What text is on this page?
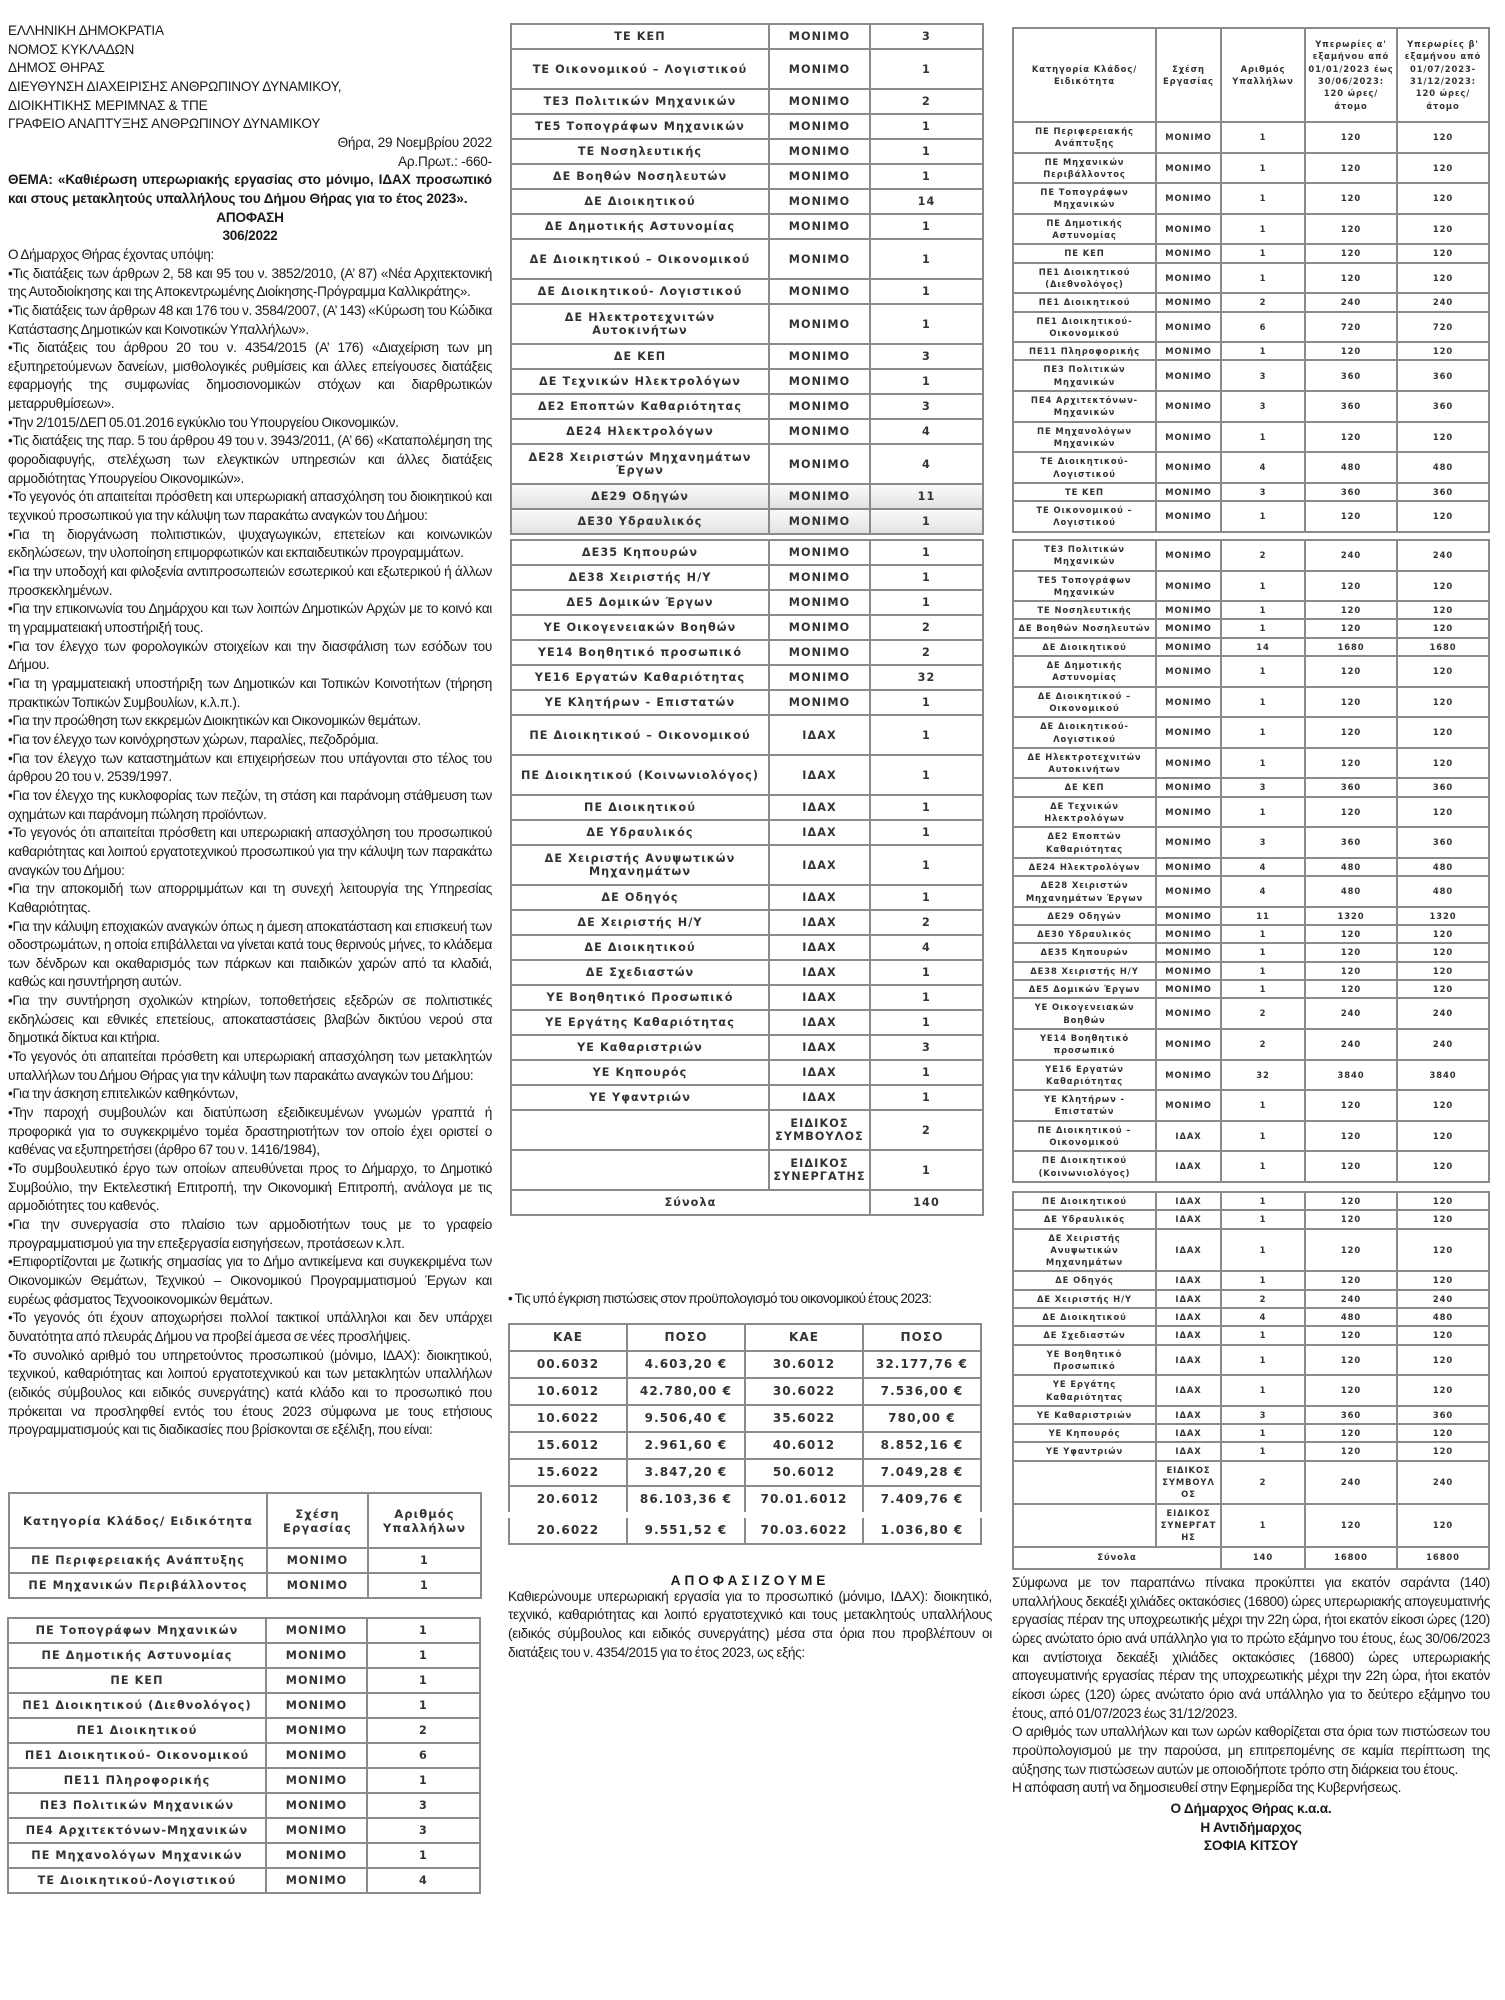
ΕΛΛΗΝΙΚΗ ΔΗΜΟΚΡΑΤΙΑ
ΝΟΜΟΣ ΚΥΚΛΑΔΩΝ
ΔΗΜΟΣ ΘΗΡΑΣ
ΔΙΕΥΘΥΝΣΗ ΔΙΑΧΕΙΡΙΣΗΣ ΑΝΘΡΩΠΙΝΟΥ ΔΥΝΑΜΙΚΟΥ,
ΔΙΟΙΚΗΤΙΚΗΣ ΜΕΡΙΜΝΑΣ & ΤΠΕ
ΓΡΑΦΕΙΟ ΑΝΑΠΤΥΞΗΣ ΑΝΘΡΩΠΙΝΟΥ ΔΥΝΑΜΙΚΟΥ
Θήρα, 29 Νοεμβρίου 2022
Αρ.Πρωτ.: -660-
ΘΕΜΑ: «Καθιέρωση υπερωριακής εργασίας στο μόνιμο, ΙΔΑΧ προσωπικό και στους μετακλητούς υπαλλήλους του Δήμου Θήρας για το έτος 2023».
ΑΠΟΦΑΣΗ
306/2022

Ο Δήμαρχος Θήρας έχοντας υπόψη:

•Τις διατάξεις των άρθρων 2, 58 και 95 του ν. 3852/2010, (Α’ 87) «Νέα Αρχιτεκτονική της Αυτοδιοίκησης και της Αποκεντρωμένης Διοίκησης-Πρόγραμμα Καλλικράτης».

•Τις διατάξεις των άρθρων 48 και 176 του ν. 3584/2007, (Α’ 143) «Κύρωση του Κώδικα Κατάστασης Δημοτικών και Κοινοτικών Υπαλλήλων».

•Τις διατάξεις του άρθρου 20 του ν. 4354/2015 (Α’ 176) «Διαχείριση των μη εξυπηρετούμενων δανείων, μισθολογικές ρυθμίσεις και άλλες επείγουσες διατάξεις εφαρμογής της συμφωνίας δημοσιονομικών στόχων και διαρθρωτικών μεταρρυθμίσεων».

•Την 2/1015/ΔΕΠ 05.01.2016 εγκύκλιο του Υπουργείου Οικονομικών.

•Τις διατάξεις της παρ. 5 του άρθρου 49 του ν. 3943/2011, (Α’ 66) «Καταπολέμηση της φοροδιαφυγής, στελέχωση των ελεγκτικών υπηρεσιών και άλλες διατάξεις αρμοδιότητας Υπουργείου Οικονομικών».

•Το γεγονός ότι απαιτείται πρόσθετη και υπερωριακή απασχόληση του διοικητικού και τεχνικού προσωπικού για την κάλυψη των παρακάτω αναγκών του Δήμου:

•Για τη διοργάνωση πολιτιστικών, ψυχαγωγικών, επετείων και κοινωνικών εκδηλώσεων, την υλοποίηση επιμορφωτικών και εκπαιδευτικών προγραμμάτων.

•Για την υποδοχή και φιλοξενία αντιπροσωπειών εσωτερικού και εξωτερικού ή άλλων προσκεκλημένων.

•Για την επικοινωνία του Δημάρχου και των λοιπών Δημοτικών Αρχών με το κοινό και τη γραμματειακή υποστήριξή τους.

•Για τον έλεγχο των φορολογικών στοιχείων και την διασφάλιση των εσόδων του Δήμου.

•Για τη γραμματειακή υποστήριξη των Δημοτικών και Τοπικών Κοινοτήτων (τήρηση πρακτικών Τοπικών Συμβουλίων, κ.λ.π.).

•Για την προώθηση των εκκρεμών Διοικητικών και Οικονομικών θεμάτων.

•Για τον έλεγχο των κοινόχρηστων χώρων, παραλίες, πεζοδρόμια.

•Για τον έλεγχο των καταστημάτων και επιχειρήσεων που υπάγονται στο τέλος του άρθρου 20 του ν. 2539/1997.

•Για τον έλεγχο της κυκλοφορίας των πεζών, τη στάση και παράνομη στάθμευση των οχημάτων και παράνομη πώληση προϊόντων.

•Το γεγονός ότι απαιτείται πρόσθετη και υπερωριακή απασχόληση του προσωπικού καθαριότητας και λοιπού εργατοτεχνικού προσωπικού για την κάλυψη των παρακάτω αναγκών του Δήμου:

•Για την αποκομιδή των απορριμμάτων και τη συνεχή λειτουργία της Υπηρεσίας Καθαριότητας.

•Για την κάλυψη εποχιακών αναγκών όπως η άμεση αποκατάσταση και επισκευή των οδοστρωμάτων, η οποία επιβάλλεται να γίνεται κατά τους θερινούς μήνες, το κλάδεμα των δένδρων και οκαθαρισμός των πάρκων και παιδικών χαρών από τα κλαδιά, καθώς και ησυντήρηση αυτών.

•Για την συντήρηση σχολικών κτηρίων, τοποθετήσεις εξεδρών σε πολιτιστικές εκδηλώσεις και εθνικές επετείους, αποκαταστάσεις βλαβών δικτύου νερού στα δημοτικά δίκτυα και κτήρια.

•Το γεγονός ότι απαιτείται πρόσθετη και υπερωριακή απασχόληση των μετακλητών υπαλλήλων του Δήμου Θήρας για την κάλυψη των παρακάτω αναγκών του Δήμου:

•Για την άσκηση επιτελικών καθηκόντων,

•Την παροχή συμβουλών και διατύπωση εξειδικευμένων γνωμών γραπτά ή προφορικά για το συγκεκριμένο τομέα δραστηριοτήτων τον οποίο έχει οριστεί ο καθένας να εξυπηρετήσει (άρθρο 67 του ν. 1416/1984),

•Το συμβουλευτικό έργο των οποίων απευθύνεται προς το Δήμαρχο, το Δημοτικό Συμβούλιο, την Εκτελεστική Επιτροπή, την Οικονομική Επιτροπή, ανάλογα με τις αρμοδιότητες του καθενός.

•Για την συνεργασία στο πλαίσιο των αρμοδιοτήτων τους με το γραφείο προγραμματισμού για την επεξεργασία εισηγήσεων, προτάσεων κ.λπ.

•Επιφορτίζονται με ζωτικής σημασίας για το Δήμο αντικείμενα και συγκεκριμένα των Οικονομικών Θεμάτων, Τεχνικού – Οικονομικού Προγραμματισμού Έργων και ευρέως φάσματος Τεχνοοικονομικών θεμάτων.

•Το γεγονός ότι έχουν αποχωρήσει πολλοί τακτικοί υπάλληλοι και δεν υπάρχει δυνατότητα από πλευράς Δήμου να προβεί άμεσα σε νέες προσλήψεις.

•Το συνολικό αριθμό του υπηρετούντος προσωπικού (μόνιμο, ΙΔΑΧ): διοικητικού, τεχνικού, καθαριότητας και λοιπού εργατοτεχνικού και των μετακλητών υπαλλήλων (ειδικός σύμβουλος και ειδικός συνεργάτης) κατά κλάδο και το προσωπικό που πρόκειται να προσληφθεί εντός του έτους 2023 σύμφωνα με τους ετήσιους προγραμματισμούς και τις διαδικασίες που βρίσκονται σε εξέλιξη, που είναι:

Κατηγορία Κλάδος/ Ειδικότητα	Σχέση Εργασίας	Αριθμός Υπαλλήλων
ΠΕ Περιφερειακής Ανάπτυξης	ΜΟΝΙΜΟ	1
ΠΕ Μηχανικών Περιβάλλοντος	ΜΟΝΙΜΟ	1
ΠΕ Τοπογράφων Μηχανικών	ΜΟΝΙΜΟ	1
ΠΕ Δημοτικής Αστυνομίας	ΜΟΝΙΜΟ	1
ΠΕ ΚΕΠ	ΜΟΝΙΜΟ	1
ΠΕ1 Διοικητικού (Διεθνολόγος)	ΜΟΝΙΜΟ	1
ΠΕ1 Διοικητικού	ΜΟΝΙΜΟ	2
ΠΕ1 Διοικητικού- Οικονομικού	ΜΟΝΙΜΟ	6
ΠΕ11 Πληροφορικής	ΜΟΝΙΜΟ	1
ΠΕ3 Πολιτικών Μηχανικών	ΜΟΝΙΜΟ	3
ΠΕ4 Αρχιτεκτόνων-Μηχανικών	ΜΟΝΙΜΟ	3
ΠΕ Μηχανολόγων Μηχανικών	ΜΟΝΙΜΟ	1
ΤΕ Διοικητικού-Λογιστικού	ΜΟΝΙΜΟ	4
ΤΕ ΚΕΠ	ΜΟΝΙΜΟ	3
ΤΕ Οικονομικού – Λογιστικού	ΜΟΝΙΜΟ	1
ΤΕ3 Πολιτικών Μηχανικών	ΜΟΝΙΜΟ	2
ΤΕ5 Τοπογράφων Μηχανικών	ΜΟΝΙΜΟ	1
ΤΕ Νοσηλευτικής	ΜΟΝΙΜΟ	1
ΔΕ Βοηθών Νοσηλευτών	ΜΟΝΙΜΟ	1
ΔΕ Διοικητικού	ΜΟΝΙΜΟ	14
ΔΕ Δημοτικής Αστυνομίας	ΜΟΝΙΜΟ	1
ΔΕ Διοικητικού – Οικονομικού	ΜΟΝΙΜΟ	1
ΔΕ Διοικητικού- Λογιστικού	ΜΟΝΙΜΟ	1
ΔΕ Ηλεκτροτεχνιτών Αυτοκινήτων	ΜΟΝΙΜΟ	1
ΔΕ ΚΕΠ	ΜΟΝΙΜΟ	3
ΔΕ Τεχνικών Ηλεκτρολόγων	ΜΟΝΙΜΟ	1
ΔΕ2 Εποπτών Καθαριότητας	ΜΟΝΙΜΟ	3
ΔΕ24 Ηλεκτρολόγων	ΜΟΝΙΜΟ	4
ΔΕ28 Χειριστών Μηχανημάτων Έργων	ΜΟΝΙΜΟ	4
ΔΕ29 Οδηγών	ΜΟΝΙΜΟ	11
ΔΕ30 Υδραυλικός	ΜΟΝΙΜΟ	1
ΔΕ35 Κηπουρών	ΜΟΝΙΜΟ	1
ΔΕ38 Χειριστής Η/Υ	ΜΟΝΙΜΟ	1
ΔΕ5 Δομικών Έργων	ΜΟΝΙΜΟ	1
ΥΕ Οικογενειακών Βοηθών	ΜΟΝΙΜΟ	2
ΥΕ14 Βοηθητικό προσωπικό	ΜΟΝΙΜΟ	2
ΥΕ16 Εργατών Καθαριότητας	ΜΟΝΙΜΟ	32
ΥΕ Κλητήρων - Επιστατών	ΜΟΝΙΜΟ	1
ΠΕ Διοικητικού – Οικονομικού	ΙΔΑΧ	1
ΠΕ Διοικητικού (Κοινωνιολόγος)	ΙΔΑΧ	1
ΠΕ Διοικητικού	ΙΔΑΧ	1
ΔΕ Υδραυλικός	ΙΔΑΧ	1
ΔΕ Χειριστής Ανυψωτικών Μηχανημάτων	ΙΔΑΧ	1
ΔΕ Οδηγός	ΙΔΑΧ	1
ΔΕ Χειριστής Η/Υ	ΙΔΑΧ	2
ΔΕ Διοικητικού	ΙΔΑΧ	4
ΔΕ Σχεδιαστών	ΙΔΑΧ	1
ΥΕ Βοηθητικό Προσωπικό	ΙΔΑΧ	1
ΥΕ Εργάτης Καθαριότητας	ΙΔΑΧ	1
ΥΕ Καθαριστριών	ΙΔΑΧ	3
ΥΕ Κηπουρός	ΙΔΑΧ	1
ΥΕ Υφαντριών	ΙΔΑΧ	1
	ΕΙΔΙΚΟΣ ΣΥΜΒΟΥΛΟΣ	2
	ΕΙΔΙΚΟΣ ΣΥΝΕΡΓΑΤΗΣ	1
Σύνολα		140
• Τις υπό έγκριση πιστώσεις στον προϋπολογισμό του οικονομικού έτους 2023:
ΚΑΕ	ΠΟΣΟ	ΚΑΕ	ΠΟΣΟ
00.6032	4.603,20 €	30.6012	32.177,76 €
10.6012	42.780,00 €	30.6022	7.536,00 €
10.6022	9.506,40 €	35.6022	780,00 €
15.6012	2.961,60 €	40.6012	8.852,16 €
15.6022	3.847,20 €	50.6012	7.049,28 €
20.6012	86.103,36 €	70.01.6012	7.409,76 €
20.6022	9.551,52 €	70.03.6022	1.036,80 €
ΑΠΟΦΑΣΙΖΟΥΜΕ
Καθιερώνουμε υπερωριακή εργασία για το προσωπικό (μόνιμο, ΙΔΑΧ): διοικητικό, τεχνικό, καθαριότητας και λοιπό εργατοτεχνικό και τους μετακλητούς υπαλλήλους (ειδικός σύμβουλος και ειδικός συνεργάτης) μέσα στα όρια που προβλέπουν οι διατάξεις του ν. 4354/2015 για το έτος 2023, ως εξής:
Κατηγορία Κλάδος/ Ειδικότητα	Σχέση Εργασίας	Αριθμός Υπαλλήλων	Υπερωρίες α' εξαμήνου από 01/01/2023 έως 30/06/2023: 120 ώρες/ άτομο	Υπερωρίες β' εξαμήνου από 01/07/2023-31/12/2023: 120 ώρες/ άτομο
ΠΕ Περιφερειακής Ανάπτυξης	ΜΟΝΙΜΟ	1	120	120
ΠΕ Μηχανικών Περιβάλλοντος	ΜΟΝΙΜΟ	1	120	120
ΠΕ Τοπογράφων Μηχανικών	ΜΟΝΙΜΟ	1	120	120
ΠΕ Δημοτικής Αστυνομίας	ΜΟΝΙΜΟ	1	120	120
ΠΕ ΚΕΠ	ΜΟΝΙΜΟ	1	120	120
ΠΕ1 Διοικητικού (Διεθνολόγος)	ΜΟΝΙΜΟ	1	120	120
ΠΕ1 Διοικητικού	ΜΟΝΙΜΟ	2	240	240
ΠΕ1 Διοικητικού- Οικονομικού	ΜΟΝΙΜΟ	6	720	720
ΠΕ11 Πληροφορικής	ΜΟΝΙΜΟ	1	120	120
ΠΕ3 Πολιτικών Μηχανικών	ΜΟΝΙΜΟ	3	360	360
ΠΕ4 Αρχιτεκτόνων- Μηχανικών	ΜΟΝΙΜΟ	3	360	360
ΠΕ Μηχανολόγων Μηχανικών	ΜΟΝΙΜΟ	1	120	120
ΤΕ Διοικητικού- Λογιστικού	ΜΟΝΙΜΟ	4	480	480
ΤΕ ΚΕΠ	ΜΟΝΙΜΟ	3	360	360
ΤΕ Οικονομικού – Λογιστικού	ΜΟΝΙΜΟ	1	120	120
ΤΕ3 Πολιτικών Μηχανικών	ΜΟΝΙΜΟ	2	240	240
ΤΕ5 Τοπογράφων Μηχανικών	ΜΟΝΙΜΟ	1	120	120
ΤΕ Νοσηλευτικής	ΜΟΝΙΜΟ	1	120	120
ΔΕ Βοηθών Νοσηλευτών	ΜΟΝΙΜΟ	1	120	120
ΔΕ Διοικητικού	ΜΟΝΙΜΟ	14	1680	1680
ΔΕ Δημοτικής Αστυνομίας	ΜΟΝΙΜΟ	1	120	120
ΔΕ Διοικητικού – Οικονομικού	ΜΟΝΙΜΟ	1	120	120
ΔΕ Διοικητικού- Λογιστικού	ΜΟΝΙΜΟ	1	120	120
ΔΕ Ηλεκτροτεχνιτών Αυτοκινήτων	ΜΟΝΙΜΟ	1	120	120
ΔΕ ΚΕΠ	ΜΟΝΙΜΟ	3	360	360
ΔΕ Τεχνικών Ηλεκτρολόγων	ΜΟΝΙΜΟ	1	120	120
ΔΕ2 Εποπτών Καθαριότητας	ΜΟΝΙΜΟ	3	360	360
ΔΕ24 Ηλεκτρολόγων	ΜΟΝΙΜΟ	4	480	480
ΔΕ28 Χειριστών Μηχανημάτων Έργων	ΜΟΝΙΜΟ	4	480	480
ΔΕ29 Οδηγών	ΜΟΝΙΜΟ	11	1320	1320
ΔΕ30 Υδραυλικός	ΜΟΝΙΜΟ	1	120	120
ΔΕ35 Κηπουρών	ΜΟΝΙΜΟ	1	120	120
ΔΕ38 Χειριστής Η/Υ	ΜΟΝΙΜΟ	1	120	120
ΔΕ5 Δομικών Έργων	ΜΟΝΙΜΟ	1	120	120
ΥΕ Οικογενειακών Βοηθών	ΜΟΝΙΜΟ	2	240	240
ΥΕ14 Βοηθητικό προσωπικό	ΜΟΝΙΜΟ	2	240	240
ΥΕ16 Εργατών Καθαριότητας	ΜΟΝΙΜΟ	32	3840	3840
ΥΕ Κλητήρων - Επιστατών	ΜΟΝΙΜΟ	1	120	120
ΠΕ Διοικητικού – Οικονομικού	ΙΔΑΧ	1	120	120
ΠΕ Διοικητικού (Κοινωνιολόγος)	ΙΔΑΧ	1	120	120
ΠΕ Διοικητικού	ΙΔΑΧ	1	120	120
ΔΕ Υδραυλικός	ΙΔΑΧ	1	120	120
ΔΕ Χειριστής Ανυψωτικών Μηχανημάτων	ΙΔΑΧ	1	120	120
ΔΕ Οδηγός	ΙΔΑΧ	1	120	120
ΔΕ Χειριστής Η/Υ	ΙΔΑΧ	2	240	240
ΔΕ Διοικητικού	ΙΔΑΧ	4	480	480
ΔΕ Σχεδιαστών	ΙΔΑΧ	1	120	120
ΥΕ Βοηθητικό Προσωπικό	ΙΔΑΧ	1	120	120
ΥΕ Εργάτης Καθαριότητας	ΙΔΑΧ	1	120	120
ΥΕ Καθαριστριών	ΙΔΑΧ	3	360	360
ΥΕ Κηπουρός	ΙΔΑΧ	1	120	120
ΥΕ Υφαντριών	ΙΔΑΧ	1	120	120
	ΕΙΔΙΚΟΣ ΣΥΜΒΟΥΛ ΟΣ	2	240	240
	ΕΙΔΙΚΟΣ ΣΥΝΕΡΓΑΤ ΗΣ	1	120	120
Σύνολα		140	16800	16800

Σύμφωνα με τον παραπάνω πίνακα προκύπτει για εκατόν σαράντα (140) υπαλλήλους δεκαέξι χιλιάδες οκτακόσιες (16800) ώρες υπερωριακής απογευματινής εργασίας πέραν της υποχρεωτικής μέχρι την 22η ώρα, ήτοι εκατόν είκοσι ώρες (120) ώρες ανώτατο όριο ανά υπάλληλο για το πρώτο εξάμηνο του έτους, έως 30/06/2023 και αντίστοιχα δεκαέξι χιλιάδες οκτακόσιες (16800) ώρες υπερωριακής απογευματινής εργασίας πέραν της υποχρεωτικής μέχρι την 22η ώρα, ήτοι εκατόν είκοσι ώρες (120) ώρες ανώτατο όριο ανά υπάλληλο για το δεύτερο εξάμηνο του έτους, από 01/07/2023 έως 31/12/2023.

Ο αριθμός των υπαλλήλων και των ωρών καθορίζεται στα όρια των πιστώσεων του προϋπολογισμού με την παρούσα, μη επιτρεπομένης σε καμία περίπτωση της αύξησης των πιστώσεων αυτών με οποιοδήποτε τρόπο στη διάρκεια του έτους.

Η απόφαση αυτή να δημοσιευθεί στην Εφημερίδα της Κυβερνήσεως.

Ο Δήμαρχος Θήρας κ.α.α.
Η Αντιδήμαρχος
ΣΟΦΙΑ ΚΙΤΣΟΥ
